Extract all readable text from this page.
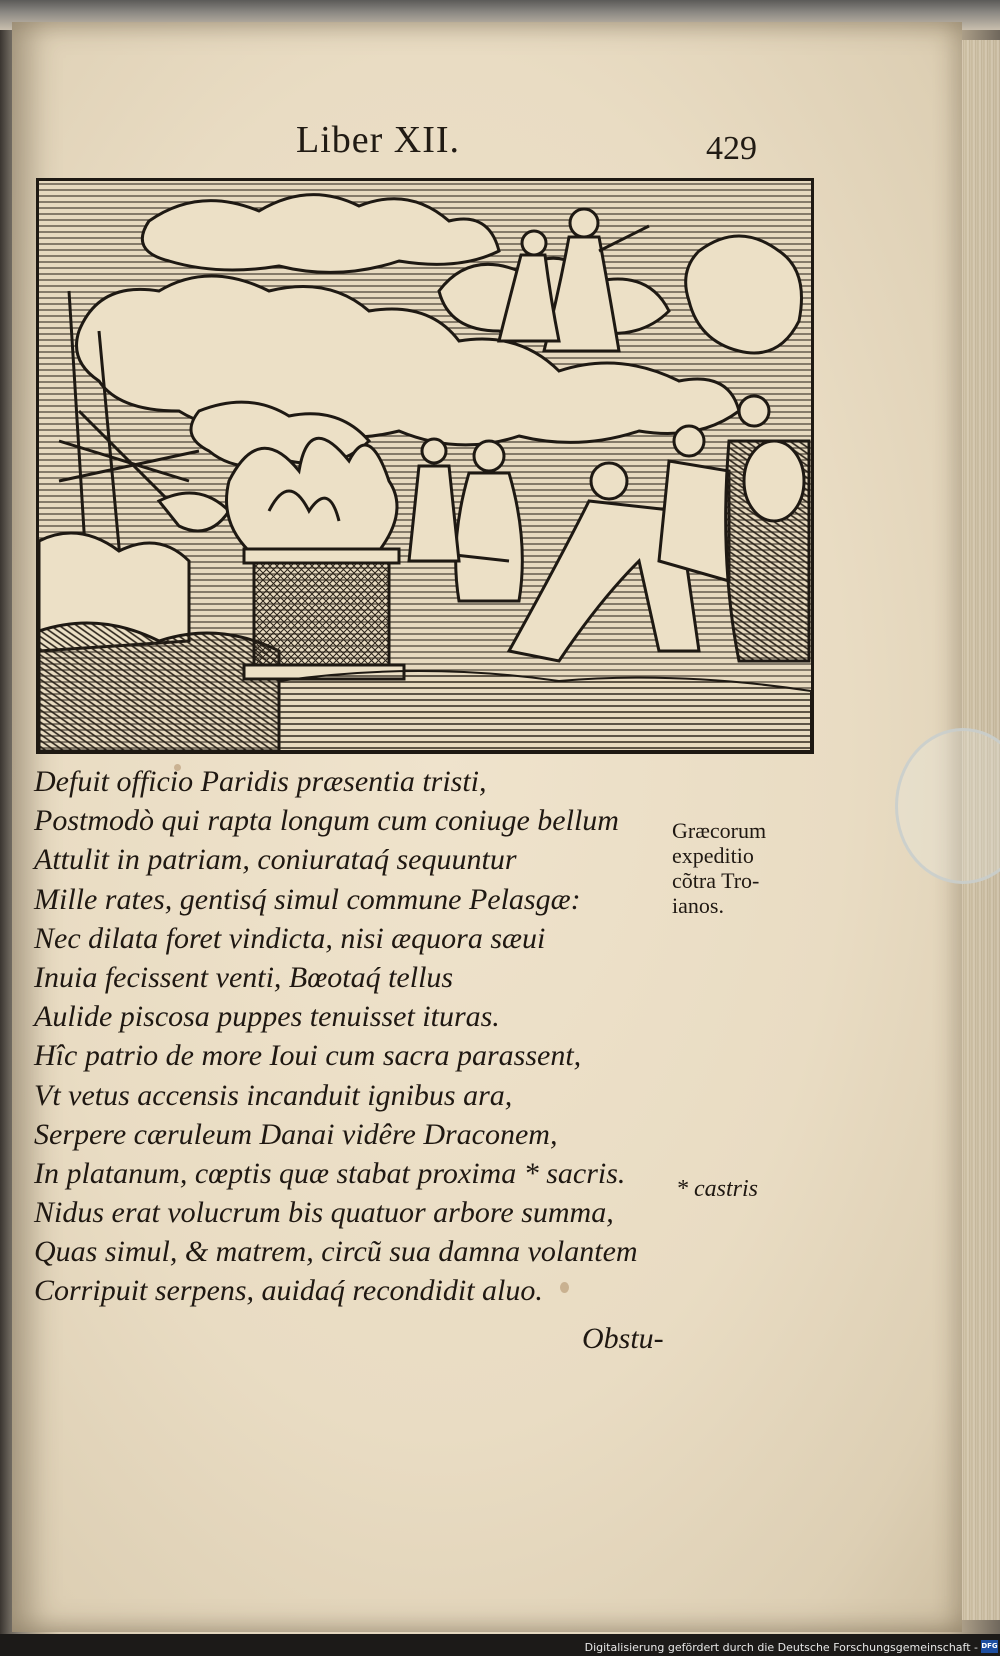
Liber XII.	429
Defuit officio Paridis præsentia tristi,
Postmodò qui rapta longum cum coniuge bellum
Attulit in patriam, coniurataq́ sequuntur
Mille rates, gentisq́ simul commune Pelasgæ:
Nec dilata foret vindicta, nisi æquora sæui
Inuia fecissent venti, Bœotaq́ tellus
Aulide piscosa puppes tenuisset ituras.
Hîc patrio de more Ioui cum sacra parassent,
Vt vetus accensis incanduit ignibus ara,
Serpere cæruleum Danai vidêre Draconem,
In platanum, cœptis quæ stabat proxima * sacris.
Nidus erat volucrum bis quatuor arbore summa,
Quas simul, & matrem, circũ sua damna volantem
Corripuit serpens, auidaq́ recondidit aluo.
Obstu-
Græcorum
expeditio
cõtra Tro-
ianos.
* castris
Digitalisierung gefördert durch die Deutsche Forschungsgemeinschaft - DFG
